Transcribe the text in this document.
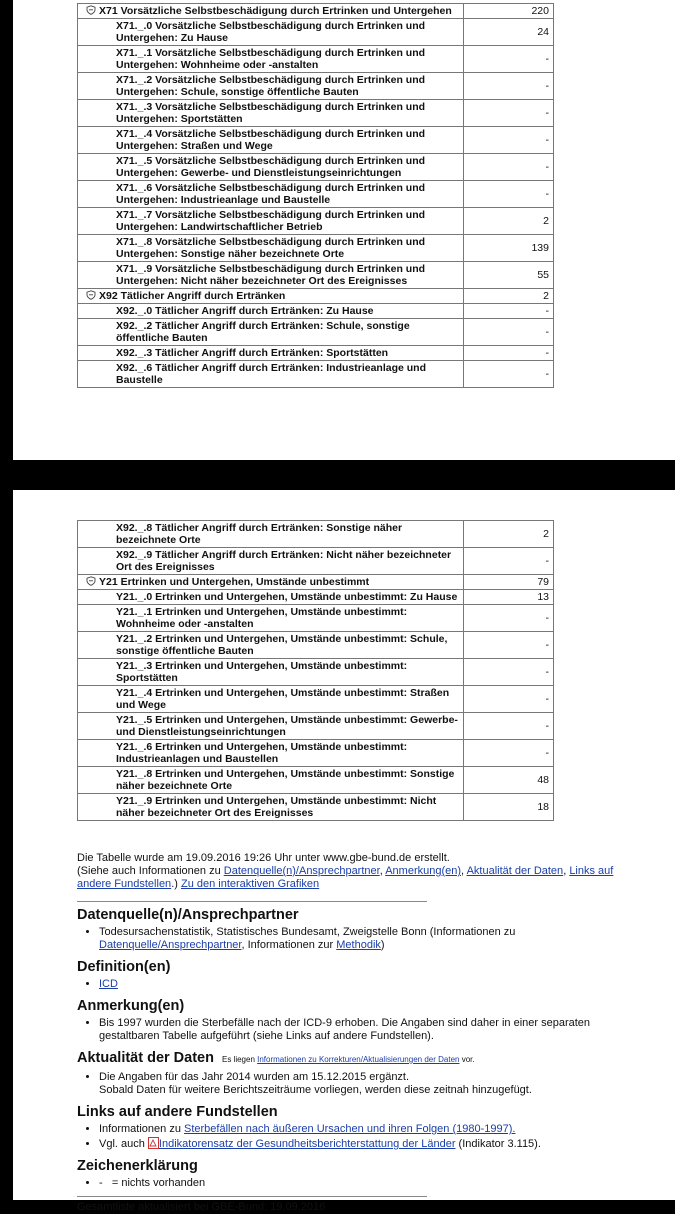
X71 Vorsätzliche Selbstbeschädigung durch Ertrinken und Untergehen	220
X71._.0 Vorsätzliche Selbstbeschädigung durch Ertrinken und Untergehen: Zu Hause	24
X71._.1 Vorsätzliche Selbstbeschädigung durch Ertrinken und Untergehen: Wohnheime oder -anstalten	-
X71._.2 Vorsätzliche Selbstbeschädigung durch Ertrinken und Untergehen: Schule, sonstige öffentliche Bauten	-
X71._.3 Vorsätzliche Selbstbeschädigung durch Ertrinken und Untergehen: Sportstätten	-
X71._.4 Vorsätzliche Selbstbeschädigung durch Ertrinken und Untergehen: Straßen und Wege	-
X71._.5 Vorsätzliche Selbstbeschädigung durch Ertrinken und Untergehen: Gewerbe- und Dienstleistungseinrichtungen	-
X71._.6 Vorsätzliche Selbstbeschädigung durch Ertrinken und Untergehen: Industrieanlage und Baustelle	-
X71._.7 Vorsätzliche Selbstbeschädigung durch Ertrinken und Untergehen: Landwirtschaftlicher Betrieb	2
X71._.8 Vorsätzliche Selbstbeschädigung durch Ertrinken und Untergehen: Sonstige näher bezeichnete Orte	139
X71._.9 Vorsätzliche Selbstbeschädigung durch Ertrinken und Untergehen: Nicht näher bezeichneter Ort des Ereignisses	55
X92 Tätlicher Angriff durch Ertränken	2
X92._.0 Tätlicher Angriff durch Ertränken: Zu Hause	-
X92._.2 Tätlicher Angriff durch Ertränken: Schule, sonstige öffentliche Bauten	-
X92._.3 Tätlicher Angriff durch Ertränken: Sportstätten	-
X92._.6 Tätlicher Angriff durch Ertränken: Industrieanlage und Baustelle	-
X92._.8 Tätlicher Angriff durch Ertränken: Sonstige näher bezeichnete Orte	2
X92._.9 Tätlicher Angriff durch Ertränken: Nicht näher bezeichneter Ort des Ereignisses	-
Y21 Ertrinken und Untergehen, Umstände unbestimmt	79
Y21._.0 Ertrinken und Untergehen, Umstände unbestimmt: Zu Hause	13
Y21._.1 Ertrinken und Untergehen, Umstände unbestimmt: Wohnheime oder -anstalten	-
Y21._.2 Ertrinken und Untergehen, Umstände unbestimmt: Schule, sonstige öffentliche Bauten	-
Y21._.3 Ertrinken und Untergehen, Umstände unbestimmt: Sportstätten	-
Y21._.4 Ertrinken und Untergehen, Umstände unbestimmt: Straßen und Wege	-
Y21._.5 Ertrinken und Untergehen, Umstände unbestimmt: Gewerbe- und Dienstleistungseinrichtungen	-
Y21._.6 Ertrinken und Untergehen, Umstände unbestimmt: Industrieanlagen und Baustellen	-
Y21._.8 Ertrinken und Untergehen, Umstände unbestimmt: Sonstige näher bezeichnete Orte	48
Y21._.9 Ertrinken und Untergehen, Umstände unbestimmt: Nicht näher bezeichneter Ort des Ereignisses	18
Die Tabelle wurde am 19.09.2016 19:26 Uhr unter www.gbe-bund.de erstellt.
(Siehe auch Informationen zu Datenquelle(n)/Ansprechpartner, Anmerkung(en), Aktualität der Daten, Links auf andere Fundstellen.) Zu den interaktiven Grafiken
Datenquelle(n)/Ansprechpartner
• Todesursachenstatistik, Statistisches Bundesamt, Zweigstelle Bonn (Informationen zu Datenquelle/Ansprechpartner, Informationen zur Methodik)
Definition(en)
• ICD
Anmerkung(en)
• Bis 1997 wurden die Sterbefälle nach der ICD-9 erhoben. Die Angaben sind daher in einer separaten gestaltbaren Tabelle aufgeführt (siehe Links auf andere Fundstellen).
Aktualität der Daten Es liegen Informationen zu Korrekturen/Aktualisierungen der Daten vor.
• Die Angaben für das Jahr 2014 wurden am 15.12.2015 ergänzt.
Sobald Daten für weitere Berichtszeiträume vorliegen, werden diese zeitnah hinzugefügt.
Links auf andere Fundstellen
• Informationen zu Sterbefällen nach äußeren Ursachen und ihren Folgen (1980-1997).
• Vgl. auch Indikatorensatz der Gesundheitsberichterstattung der Länder (Indikator 3.115).
Zeichenerklärung
• - = nichts vorhanden
Gesamtliste aktualisiert bei GBE-Bund: 19.09.2016
